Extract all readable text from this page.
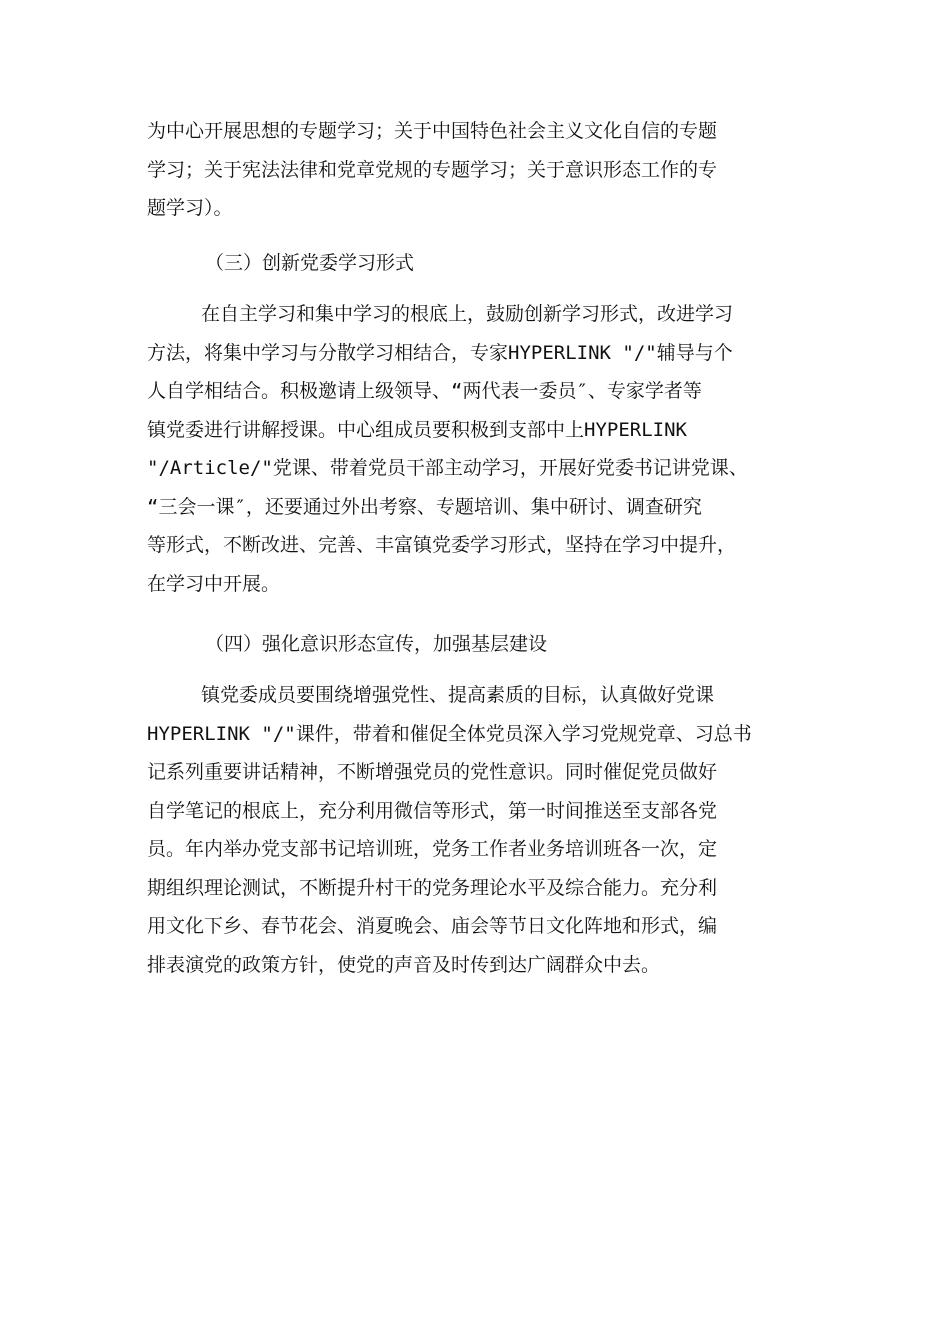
为中心开展思想的专题学习；关于中国特色社会主义文化自信的专题
学习；关于宪法法律和党章党规的专题学习；关于意识形态工作的专
题学习）。
（三）创新党委学习形式
在自主学习和集中学习的根底上，鼓励创新学习形式，改进学习
方法，将集中学习与分散学习相结合，专家HYPERLINK "/"辅导与个
人自学相结合。积极邀请上级领导、“两代表一委员″、专家学者等
镇党委进行讲解授课。中心组成员要积极到支部中上HYPERLINK
"/Article/"党课、带着党员干部主动学习，开展好党委书记讲党课、
“三会一课″，还要通过外出考察、专题培训、集中研讨、调查研究
等形式，不断改进、完善、丰富镇党委学习形式，坚持在学习中提升，
在学习中开展。
（四）强化意识形态宣传，加强基层建设
镇党委成员要围绕增强党性、提高素质的目标，认真做好党课
HYPERLINK "/"课件，带着和催促全体党员深入学习党规党章、习总书
记系列重要讲话精神，不断增强党员的党性意识。同时催促党员做好
自学笔记的根底上，充分利用微信等形式，第一时间推送至支部各党
员。年内举办党支部书记培训班，党务工作者业务培训班各一次，定
期组织理论测试，不断提升村干的党务理论水平及综合能力。充分利
用文化下乡、春节花会、消夏晚会、庙会等节日文化阵地和形式，编
排表演党的政策方针，使党的声音及时传到达广阔群众中去。
